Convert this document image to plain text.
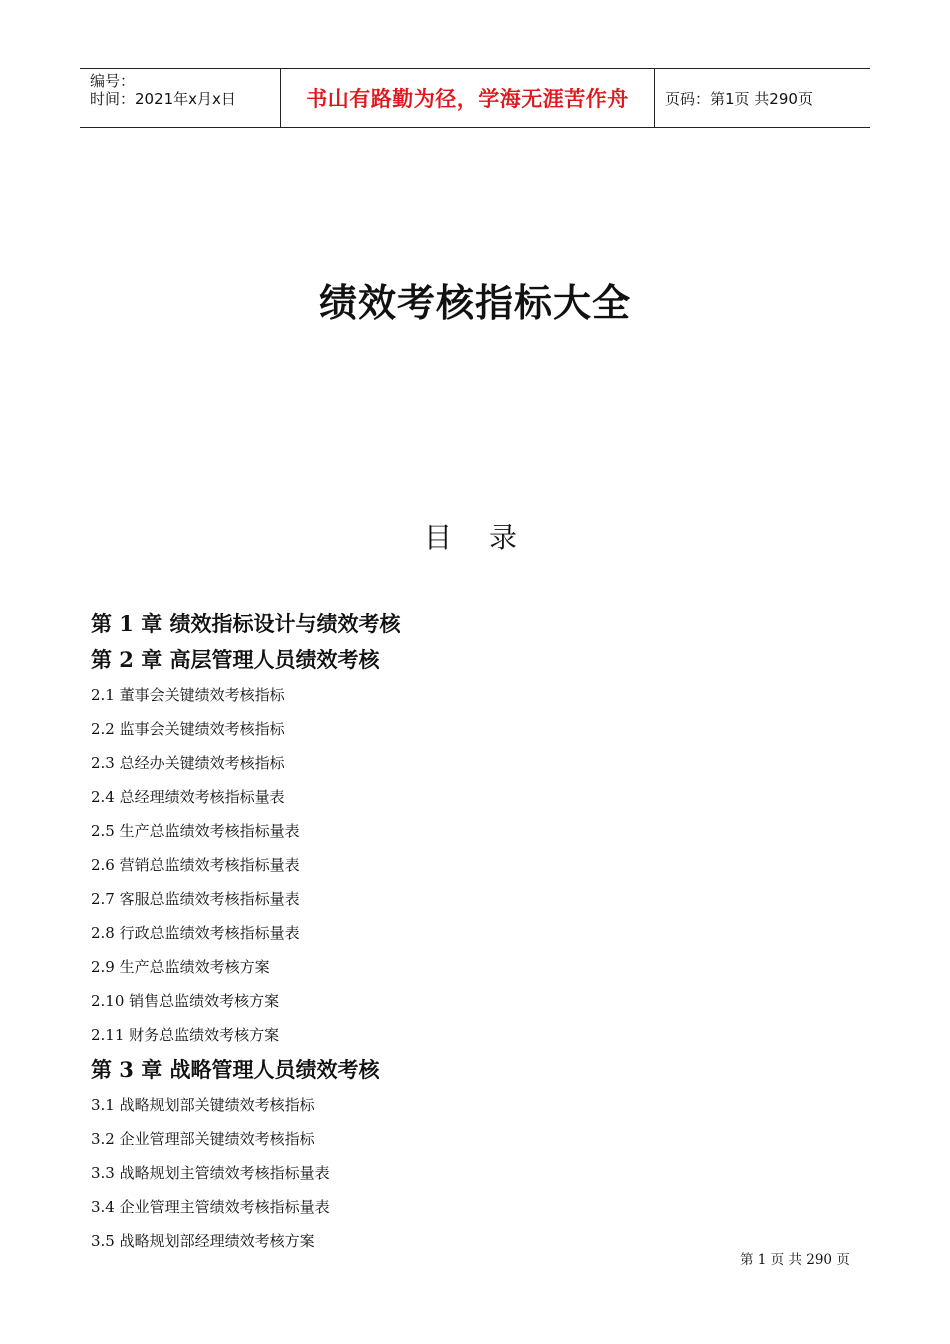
编号：
时间：2021年x月x日	书山有路勤为径，学海无涯苦作舟 页码：第1页 共290页
绩效考核指标大全
目 录
第 1 章 绩效指标设计与绩效考核
第 2 章 高层管理人员绩效考核
2.1 董事会关键绩效考核指标
2.2 监事会关键绩效考核指标
2.3 总经办关键绩效考核指标
2.4 总经理绩效考核指标量表
2.5 生产总监绩效考核指标量表
2.6 营销总监绩效考核指标量表
2.7 客服总监绩效考核指标量表
2.8 行政总监绩效考核指标量表
2.9 生产总监绩效考核方案
2.10 销售总监绩效考核方案
2.11 财务总监绩效考核方案
第 3 章 战略管理人员绩效考核
3.1 战略规划部关键绩效考核指标
3.2 企业管理部关键绩效考核指标
3.3 战略规划主管绩效考核指标量表
3.4 企业管理主管绩效考核指标量表
3.5 战略规划部经理绩效考核方案
第 1 页 共 290 页
